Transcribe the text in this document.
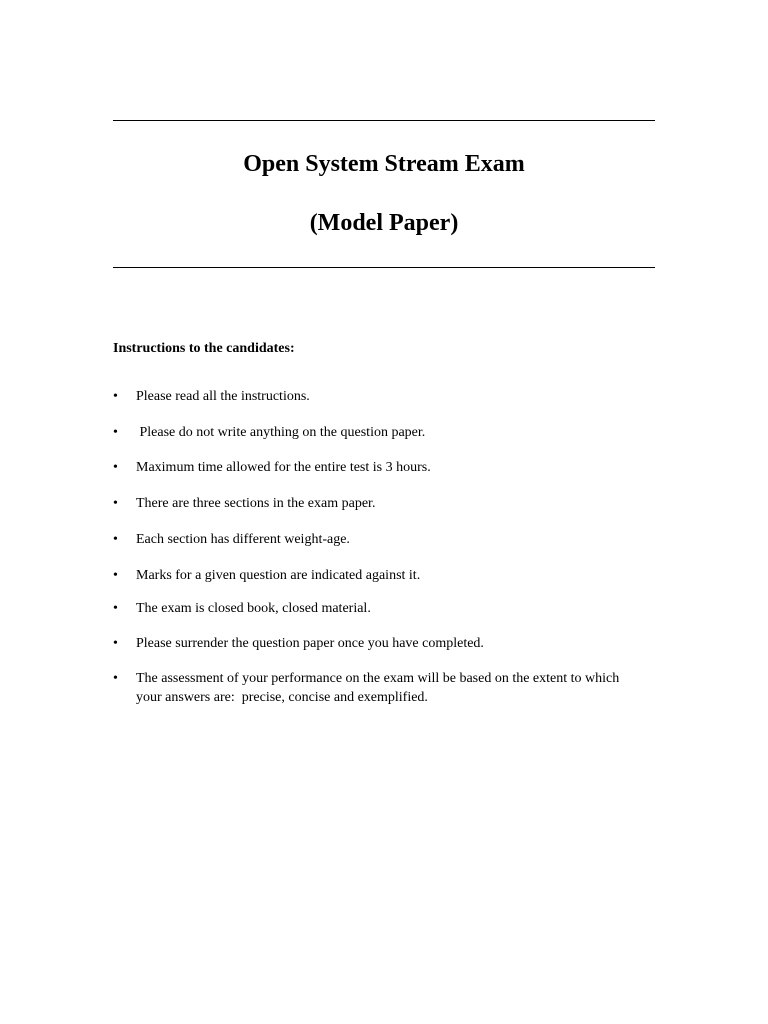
Open System Stream Exam
(Model Paper)

Instructions to the candidates:

•	Please read all the instructions.
•	Please do not write anything on the question paper.
•	Maximum time allowed for the entire test is 3 hours.
•	There are three sections in the exam paper.
•	Each section has different weight-age.
•	Marks for a given question are indicated against it.
•	The exam is closed book, closed material.
•	Please surrender the question paper once you have completed.
•	The assessment of your performance on the exam will be based on the extent to which your answers are:  precise, concise and exemplified.
